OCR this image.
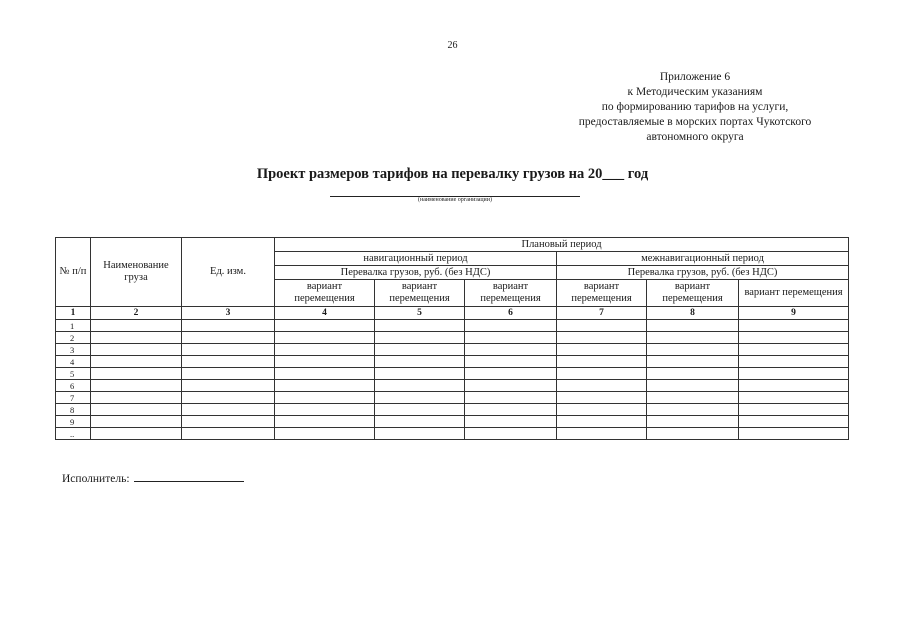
26
Приложение 6
к Методическим указаниям
по формированию тарифов на услуги,
предоставляемые в морских портах Чукотского
автономного округа
Проект размеров тарифов на перевалку грузов на 20___ год
(наименование организации)
№ п/п	Наименование груза	Ед. изм.	Плановый период					
			навигационный период			межнавигационный период		
			Перевалка грузов, руб. (без НДС)			Перевалка грузов, руб. (без НДС)		
			вариант перемещения	вариант перемещения	вариант перемещения	вариант перемещения	вариант перемещения	вариант перемещения
1	2	3	4	5	6	7	8	9
1								
2								
3								
4								
5								
6								
7								
8								
9								
..								
Исполнитель:
